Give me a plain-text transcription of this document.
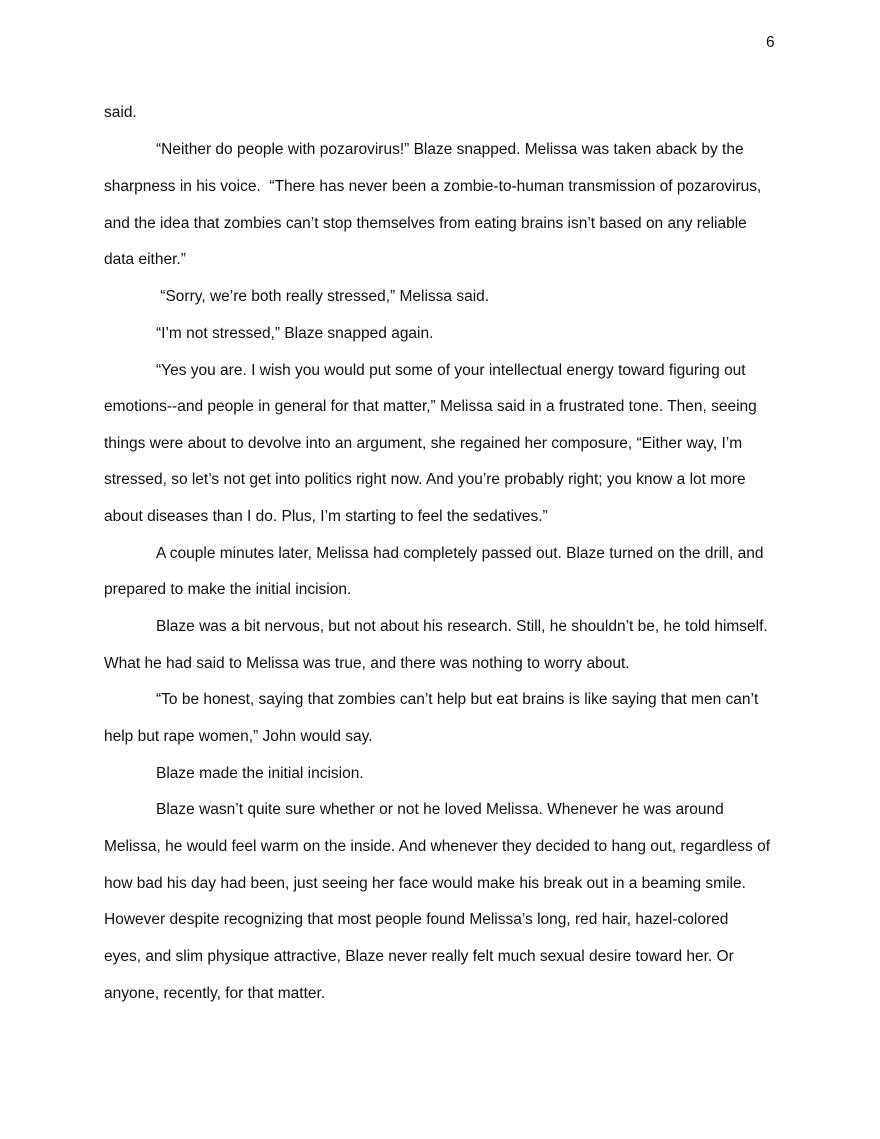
6
said.
“Neither do people with pozarovirus!” Blaze snapped. Melissa was taken aback by the
sharpness in his voice.  “There has never been a zombie-to-human transmission of pozarovirus,
and the idea that zombies can’t stop themselves from eating brains isn’t based on any reliable
data either.”
“Sorry, we’re both really stressed,” Melissa said.
“I’m not stressed,” Blaze snapped again.
“Yes you are. I wish you would put some of your intellectual energy toward figuring out
emotions--and people in general for that matter,” Melissa said in a frustrated tone. Then, seeing
things were about to devolve into an argument, she regained her composure, “Either way, I’m
stressed, so let’s not get into politics right now. And you’re probably right; you know a lot more
about diseases than I do. Plus, I’m starting to feel the sedatives.”
A couple minutes later, Melissa had completely passed out. Blaze turned on the drill, and
prepared to make the initial incision.
Blaze was a bit nervous, but not about his research. Still, he shouldn’t be, he told himself.
What he had said to Melissa was true, and there was nothing to worry about.
“To be honest, saying that zombies can’t help but eat brains is like saying that men can’t
help but rape women,” John would say.
Blaze made the initial incision.
Blaze wasn’t quite sure whether or not he loved Melissa. Whenever he was around
Melissa, he would feel warm on the inside. And whenever they decided to hang out, regardless of
how bad his day had been, just seeing her face would make his break out in a beaming smile.
However despite recognizing that most people found Melissa’s long, red hair, hazel-colored
eyes, and slim physique attractive, Blaze never really felt much sexual desire toward her. Or
anyone, recently, for that matter.
